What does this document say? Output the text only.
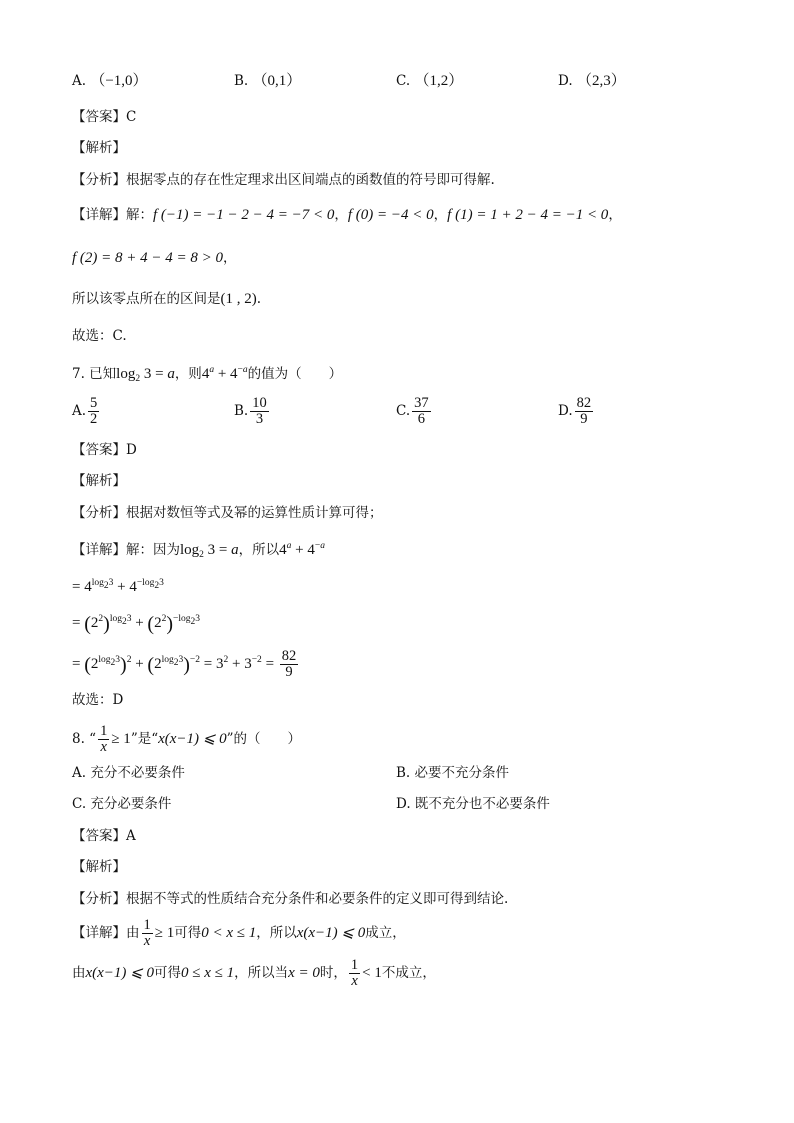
A. （−1,0）	B. （0,1）	C. （1,2）	D. （2,3）
【答案】C
【解析】
【分析】根据零点的存在性定理求出区间端点的函数值的符号即可得解.
【详解】解：f (−1) = −1 − 2 − 4 = −7 < 0，f (0) = −4 < 0，f (1) = 1 + 2 − 4 = −1 < 0，
f (2) = 8 + 4 − 4 = 8 > 0，
所以该零点所在的区间是(1 , 2).
故选：C.
7. 已知$\log_2 3 = a$，则$4^a + 4^{-a}$的值为（　　）
A. $\frac{5}{2}$	B. $\frac{10}{3}$	C. $\frac{37}{6}$	D. $\frac{82}{9}$
【答案】D
【解析】
【分析】根据对数恒等式及幂的运算性质计算可得；
【详解】解：因为$\log_2 3 = a$，所以$4^a + 4^{-a}$
= $4^{log_23} + 4^{-log_23}$
= $(2^2)^{log_23} + (2^2)^{-log_23}$
= $(2^{log_23})^2 + (2^{log_23})^{-2} = 3^2 + 3^{-2} = \frac{82}{9}$
故选：D
8. “ $\frac{1}{x} \ge 1$”是“x(x−1) ⩽ 0”的（　　）
A. 充分不必要条件	B. 必要不充分条件
C. 充分必要条件	D. 既不充分也不必要条件
【答案】A
【解析】
【分析】根据不等式的性质结合充分条件和必要条件的定义即可得到结论.
【详解】由 $\frac{1}{x} \ge 1$可得0 < x ≤ 1，所以x(x−1) ⩽ 0成立，
由x(x−1) ⩽ 0可得0 ≤ x ≤ 1，所以当x = 0时， $\frac{1}{x} < 1$不成立，
